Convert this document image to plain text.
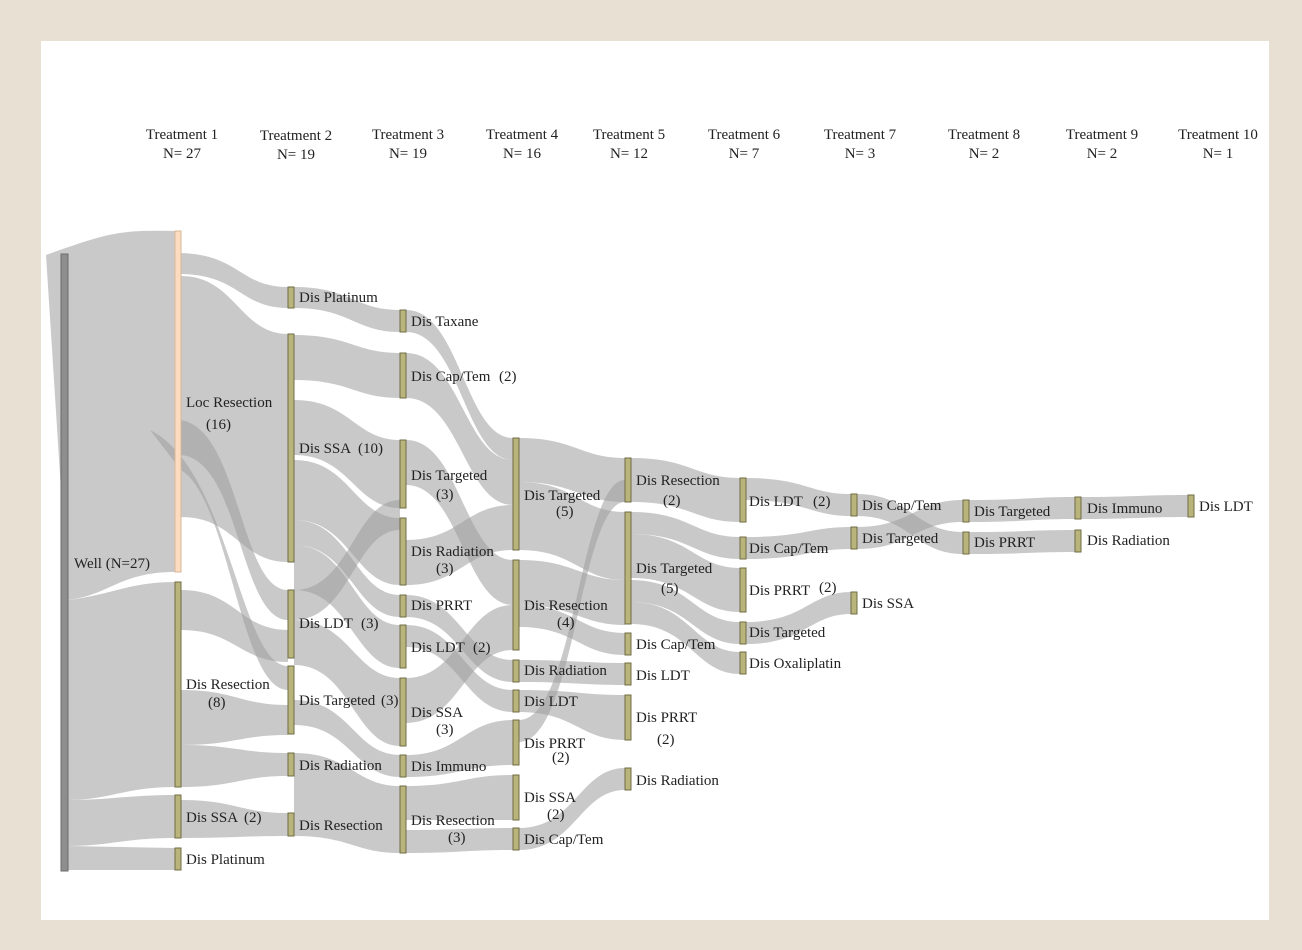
Treatment 1
N= 27
Treatment 2
N= 19
Treatment 3
N= 19
Treatment 4
N= 16
Treatment 5
N= 12
Treatment 6
N= 7
Treatment 7
N= 3
Treatment 8
N= 2
Treatment 9
N= 2
Treatment 10
N= 1
Well (N=27)
Loc Resection
(16)
Dis Resection
(8)
Dis SSA (2)
Dis Platinum
Dis Platinum
Dis SSA (10)
Dis LDT (3)
Dis Targeted (3)
Dis Radiation
Dis Resection
Dis Taxane
Dis Cap/Tem (2)
Dis Targeted
(3)
Dis Radiation
(3)
Dis PRRT
Dis LDT (2)
Dis SSA
(3)
Dis Immuno
Dis Resection
(3)
Dis Targeted
(5)
Dis Resection
(4)
Dis Radiation
Dis LDT
Dis PRRT
(2)
Dis SSA
(2)
Dis Cap/Tem
Dis Resection
(2)
Dis Targeted
(5)
Dis Cap/Tem
Dis LDT
Dis PRRT
(2)
Dis Radiation
Dis LDT (2)
Dis Cap/Tem
Dis PRRT (2)
Dis Targeted
Dis Oxaliplatin
Dis Cap/Tem
Dis Targeted
Dis SSA
Dis Targeted
Dis PRRT
Dis Immuno
Dis Radiation
Dis LDT
